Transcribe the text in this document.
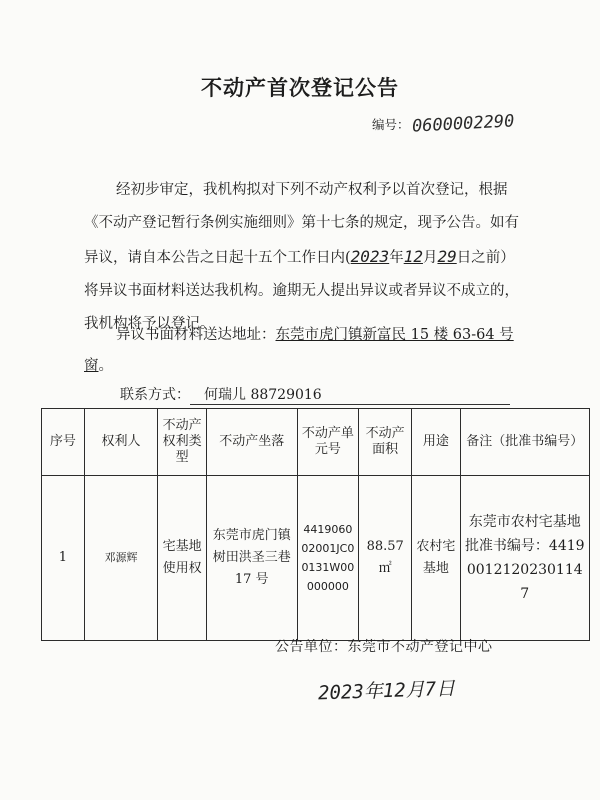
不动产首次登记公告
编号：0600002290
经初步审定，我机构拟对下列不动产权利予以首次登记，根据《不动产登记暂行条例实施细则》第十七条的规定，现予公告。如有异议，请自本公告之日起十五个工作日内(2023年12月29日之前）将异议书面材料送达我机构。逾期无人提出异议或者异议不成立的，我机构将予以登记。
异议书面材料送达地址：东莞市虎门镇新富民 15 楼 63-64 号窗。
联系方式： 何瑞儿 88729016
序号	权利人	不动产权利类型	不动产坐落	不动产单元号	不动产面积	用途	备注（批准书编号）
1	邓源辉	宅基地使用权	东莞市虎门镇树田洪圣三巷 17 号	441906002001JC00131W00000000	88.57㎡	农村宅基地	东莞市农村宅基地批准书编号：441900121202301147
公告单位：东莞市不动产登记中心
2023年12月7日
